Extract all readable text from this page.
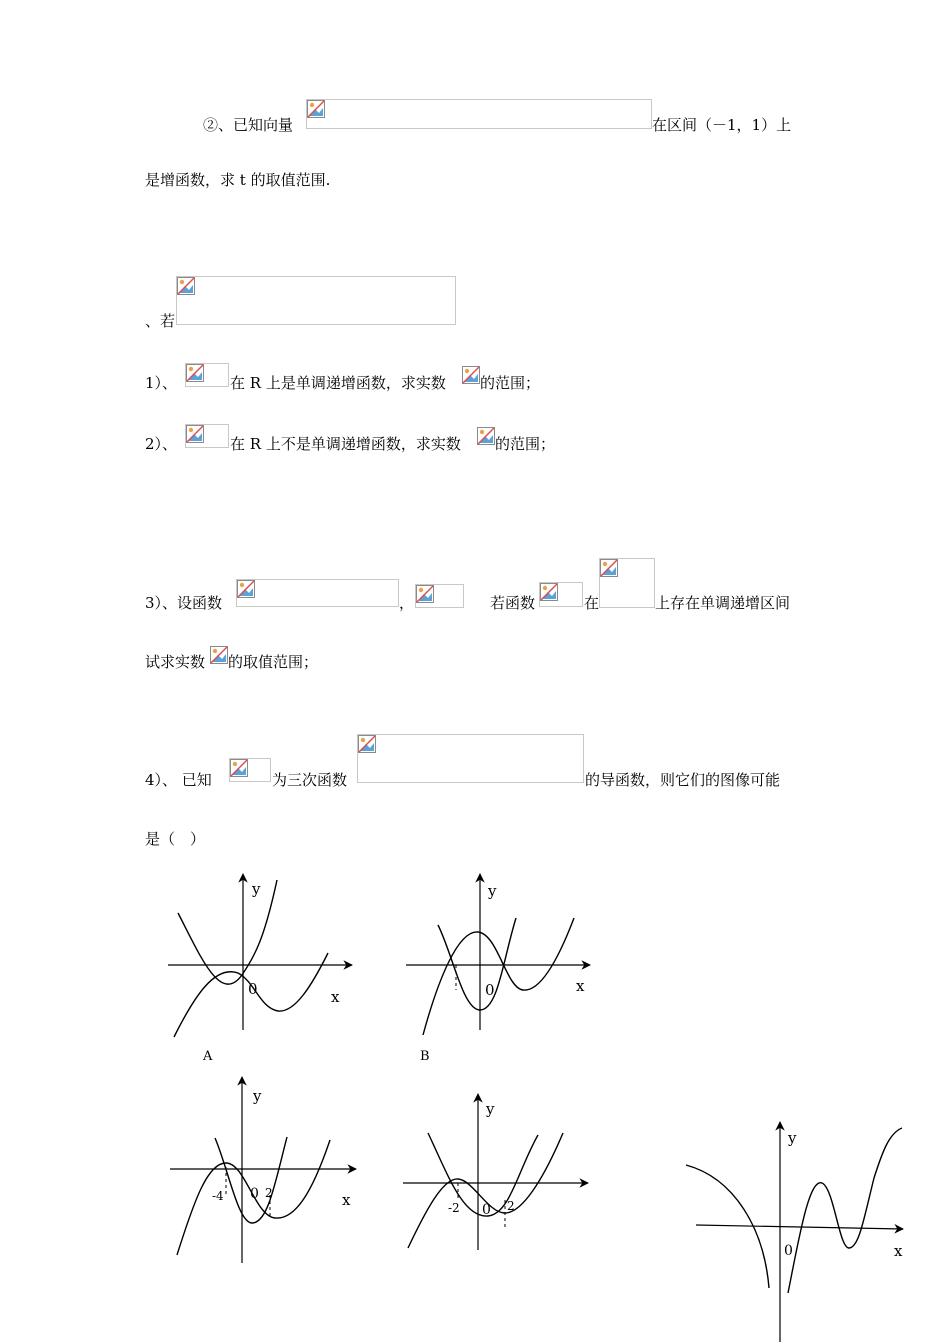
②、已知向量	在区间（－1，1）上
是增函数，求 t 的取值范围.
、若
1）、	在 R 上是单调递增函数，求实数 的范围；
2）、	在 R 上不是单调递增函数，求实数 的范围；
3）、设函数	，	若函数	在	上存在单调递增区间
试求实数 的取值范围；
4）、 已知	为三次函数	的导函数，则它们的图像可能
是（　）
y
x
0
A
y
x
0
B
y
x
0
-4	2
y
0
-2	2
y
x
0
